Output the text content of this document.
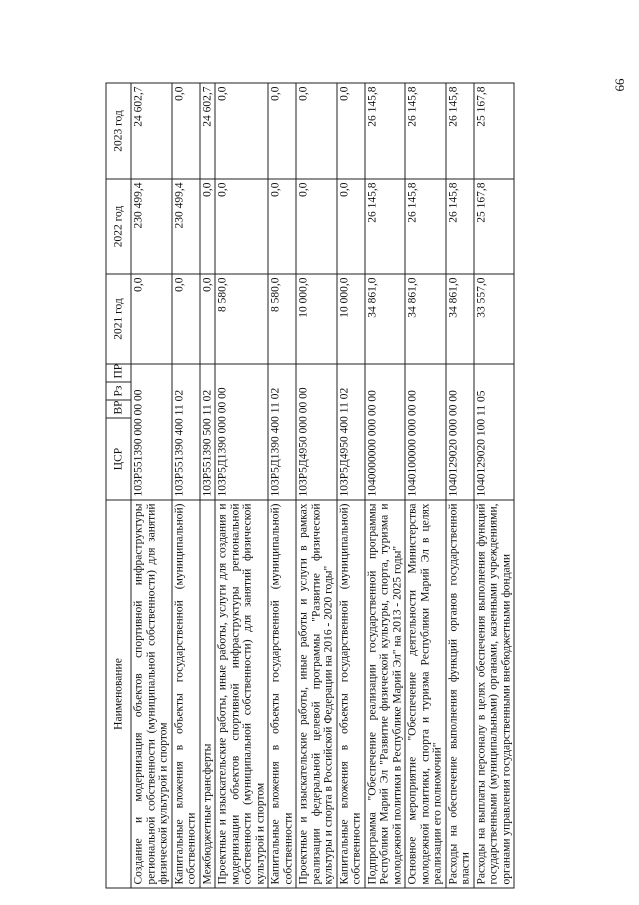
66
Наименование	ЦСР	ВР	Рз	ПР	2021 год	2022 год	2023 год
Создание и модернизация объектов спортивной инфраструктуры региональной собственности (муниципальной собственности) для занятий физической культурой и спортом	103P551390 000 00 00				0,0	230 499,4	24 602,7
Капитальные вложения в объекты государственной (муниципальной) собственности	103P551390 400 11 02				0,0	230 499,4	0,0
Межбюджетные трансферты	103P551390 500 11 02				0,0	0,0	24 602,7
Проектные и изыскательские работы, иные работы, услуги для создания и модернизации объектов спортивной инфраструктуры региональной собственности (муниципальной собственности) для занятий физической культурой и спортом	103P5Д1390 000 00 00				8 580,0	0,0	0,0
Капитальные вложения в объекты государственной (муниципальной) собственности	103P5Д1390 400 11 02				8 580,0	0,0	0,0
Проектные и изыскательские работы, иные работы и услуги в рамках реализации федеральной целевой программы "Развитие физической культуры и спорта в Российской Федерации на 2016 - 2020 годы"	103P5Д4950 000 00 00				10 000,0	0,0	0,0
Капитальные вложения в объекты государственной (муниципальной) собственности	103P5Д4950 400 11 02				10 000,0	0,0	0,0
Подпрограмма "Обеспечение реализации государственной программы Республики Марий Эл "Развитие физической культуры, спорта, туризма и молодежной политики в Республике Марий Эл" на 2013 - 2025 годы"	1040000000 000 00 00				34 861,0	26 145,8	26 145,8
Основное мероприятие "Обеспечение деятельности Министерства молодежной политики, спорта и туризма Республики Марий Эл в целях реализации его полномочий"	1040100000 000 00 00				34 861,0	26 145,8	26 145,8
Расходы на обеспечение выполнения функций органов государственной власти	1040129020 000 00 00				34 861,0	26 145,8	26 145,8
Расходы на выплаты персоналу в целях обеспечения выполнения функций государственными (муниципальными) органами, казенными учреждениями, органами управления государственными внебюджетными фондами	1040129020 100 11 05				33 557,0	25 167,8	25 167,8
